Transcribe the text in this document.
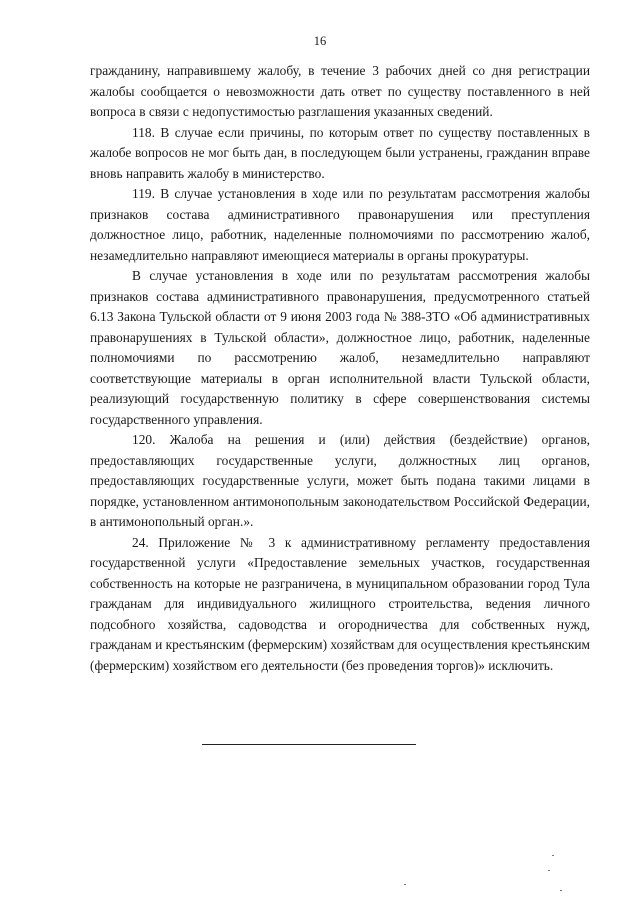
16

гражданину, направившему жалобу, в течение 3 рабочих дней со дня регистрации жалобы сообщается о невозможности дать ответ по существу поставленного в ней вопроса в связи с недопустимостью разглашения указанных сведений.

118. В случае если причины, по которым ответ по существу поставленных в жалобе вопросов не мог быть дан, в последующем были устранены, гражданин вправе вновь направить жалобу в министерство.

119. В случае установления в ходе или по результатам рассмотрения жалобы признаков состава административного правонарушения или преступления должностное лицо, работник, наделенные полномочиями по рассмотрению жалоб, незамедлительно направляют имеющиеся материалы в органы прокуратуры.

В случае установления в ходе или по результатам рассмотрения жалобы признаков состава административного правонарушения, предусмотренного статьей 6.13 Закона Тульской области от 9 июня 2003 года № 388-ЗТО «Об административных правонарушениях в Тульской области», должностное лицо, работник, наделенные полномочиями по рассмотрению жалоб, незамедлительно направляют соответствующие материалы в орган исполнительной власти Тульской области, реализующий государственную политику в сфере совершенствования системы государственного управления.

120. Жалоба на решения и (или) действия (бездействие) органов, предоставляющих государственные услуги, должностных лиц органов, предоставляющих государственные услуги, может быть подана такими лицами в порядке, установленном антимонопольным законодательством Российской Федерации, в антимонопольный орган.».

24. Приложение № 3 к административному регламенту предоставления государственной услуги «Предоставление земельных участков, государственная собственность на которые не разграничена, в муниципальном образовании город Тула гражданам для индивидуального жилищного строительства, ведения личного подсобного хозяйства, садоводства и огородничества для собственных нужд, гражданам и крестьянским (фермерским) хозяйствам для осуществления крестьянским (фермерским) хозяйством его деятельности (без проведения торгов)» исключить.
